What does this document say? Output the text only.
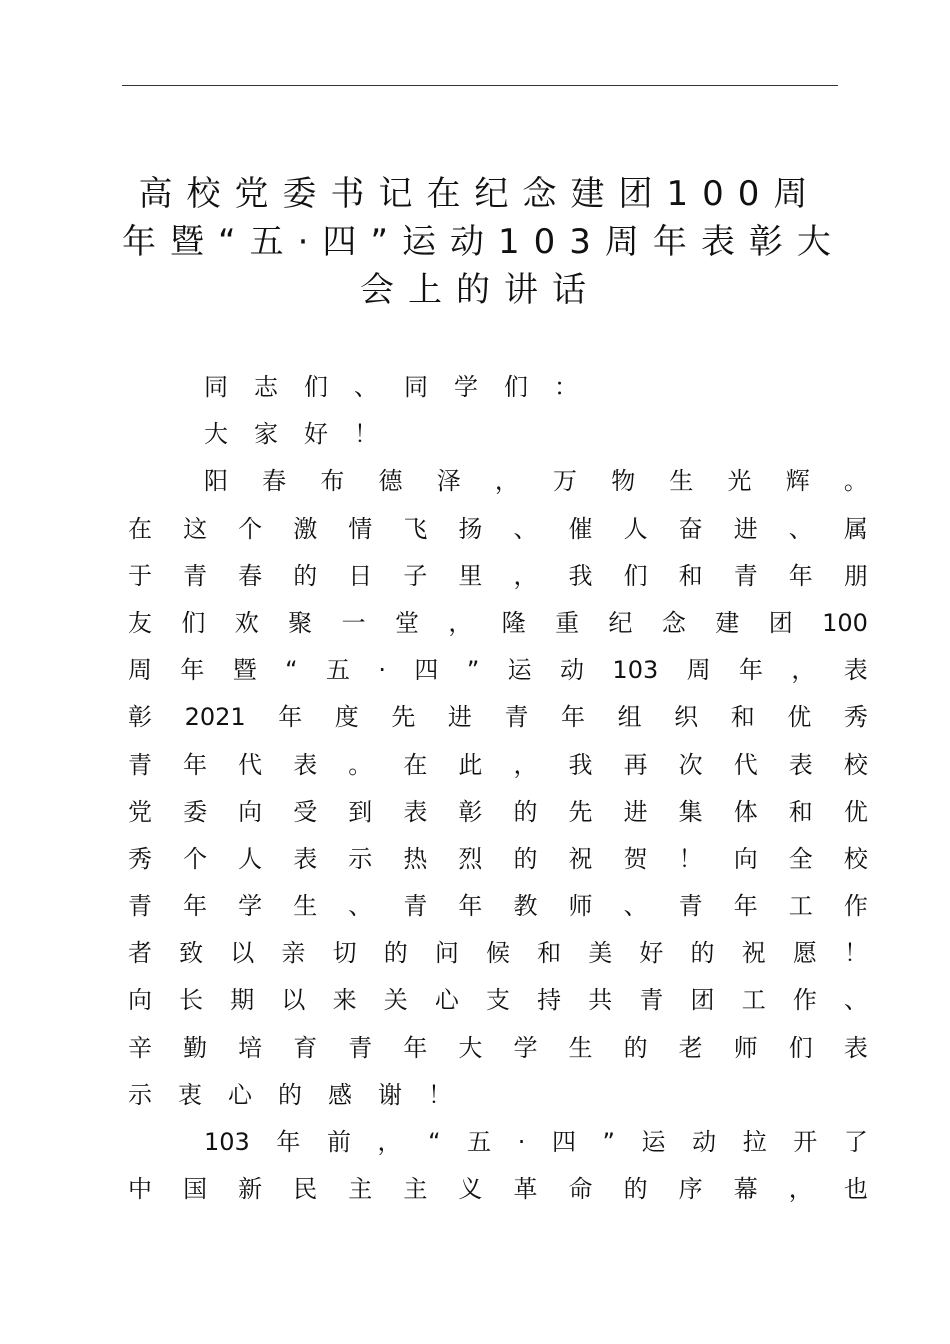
高校党委书记在纪念建团100周
年暨“五·四”运动103周年表彰大
会上的讲话
同 志 们 、 同 学 们 ：
大 家 好 ！
阳 春 布 德 泽 ， 万 物 生 光 辉 。
在 这 个 激 情 飞 扬 、 催 人 奋 进 、 属
于 青 春 的 日 子 里 ， 我 们 和 青 年 朋
友 们 欢 聚 一 堂 ， 隆 重 纪 念 建 团 100
周 年 暨 “ 五 · 四 ” 运 动 103 周 年 ， 表
彰 2021 年 度 先 进 青 年 组 织 和 优 秀
青 年 代 表 。 在 此 ， 我 再 次 代 表 校
党 委 向 受 到 表 彰 的 先 进 集 体 和 优
秀 个 人 表 示 热 烈 的 祝 贺 ！ 向 全 校
青 年 学 生 、 青 年 教 师 、 青 年 工 作
者 致 以 亲 切 的 问 候 和 美 好 的 祝 愿 ！
向 长 期 以 来 关 心 支 持 共 青 团 工 作 、
辛 勤 培 育 青 年 大 学 生 的 老 师 们 表
示 衷 心 的 感 谢 ！
103 年 前 ， “ 五 · 四 ” 运 动 拉 开 了
中 国 新 民 主 主 义 革 命 的 序 幕 ， 也
